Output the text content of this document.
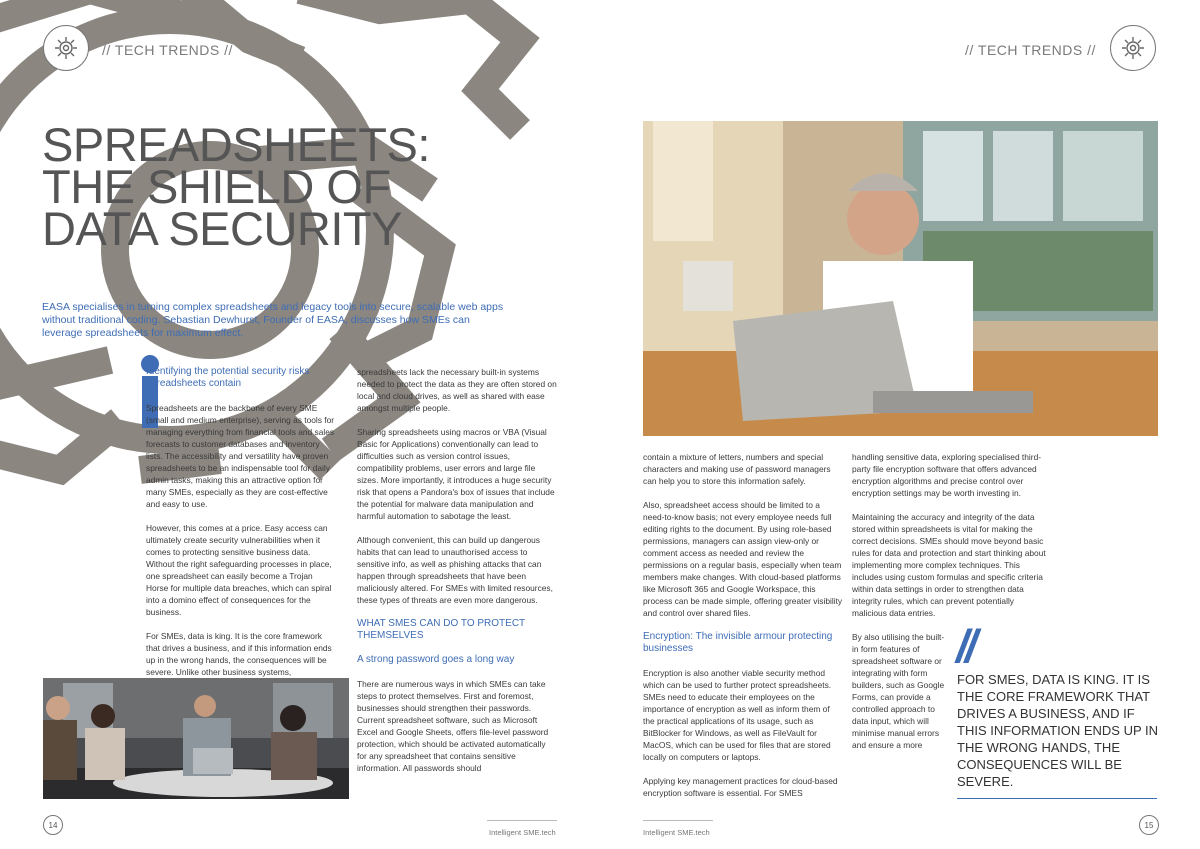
// TECH TRENDS //	// TECH TRENDS //
SPREADSHEETS:
THE SHIELD OF
DATA SECURITY
EASA specialises in turning complex spreadsheets and legacy tools into secure, scalable web apps without traditional coding. Sebastian Dewhurst, Founder of EASA, discusses how SMEs can leverage spreadsheets for maximum effect.
Identifying the potential security risks spreadsheets contain

Spreadsheets are the backbone of every SME (small and medium enterprise), serving as tools for managing everything from financial tools and sales forecasts to customer databases and inventory lists. The accessibility and versatility have proven spreadsheets to be an indispensable tool for daily admin tasks, making this an attractive option for many SMEs, especially as they are cost-effective and easy to use.

However, this comes at a price. Easy access can ultimately create security vulnerabilities when it comes to protecting sensitive business data. Without the right safeguarding processes in place, one spreadsheet can easily become a Trojan Horse for multiple data breaches, which can spiral into a domino effect of consequences for the business.

For SMEs, data is king. It is the core framework that drives a business, and if this information ends up in the wrong hands, the consequences will be severe. Unlike other business systems,

spreadsheets lack the necessary built-in systems needed to protect the data as they are often stored on local and cloud drives, as well as shared with ease amongst multiple people.

Sharing spreadsheets using macros or VBA (Visual Basic for Applications) conventionally can lead to difficulties such as version control issues, compatibility problems, user errors and large file sizes. More importantly, it introduces a huge security risk that opens a Pandora's box of issues that include the potential for malware data manipulation and harmful automation to sabotage the least.

Although convenient, this can build up dangerous habits that can lead to unauthorised access to sensitive info, as well as phishing attacks that can happen through spreadsheets that have been maliciously altered. For SMEs with limited resources, these types of threats are even more dangerous.

WHAT SMES CAN DO TO PROTECT THEMSELVES
A strong password goes a long way

There are numerous ways in which SMEs can take steps to protect themselves. First and foremost, businesses should strengthen their passwords. Current spreadsheet software, such as Microsoft Excel and Google Sheets, offers file-level password protection, which should be activated automatically for any spreadsheet that contains sensitive information. All passwords should

14
Intelligent SME.tech

contain a mixture of letters, numbers and special characters and making use of password managers can help you to store this information safely.

Also, spreadsheet access should be limited to a need-to-know basis; not every employee needs full editing rights to the document. By using role-based permissions, managers can assign view-only or comment access as needed and review the permissions on a regular basis, especially when team members make changes. With cloud-based platforms like Microsoft 365 and Google Workspace, this process can be made simple, offering greater visibility and control over shared files.

Encryption: The invisible armour protecting businesses

Encryption is also another viable security method which can be used to further protect spreadsheets. SMEs need to educate their employees on the importance of encryption as well as inform them of the practical applications of its usage, such as BitBlocker for Windows, as well as FileVault for MacOS, which can be used for files that are stored locally on computers or laptops.

Applying key management practices for cloud-based encryption software is essential. For SMES

handling sensitive data, exploring specialised third-party file encryption software that offers advanced encryption algorithms and precise control over encryption settings may be worth investing in.

Maintaining the accuracy and integrity of the data stored within spreadsheets is vital for making the correct decisions. SMEs should move beyond basic rules for data and protection and start thinking about implementing more complex techniques. This includes using custom formulas and specific criteria within data settings in order to strengthen data integrity rules, which can prevent potentially malicious data entries.

By also utilising the built-in form features of spreadsheet software or integrating with form builders, such as Google Forms, can provide a controlled approach to data input, which will minimise manual errors and ensure a more

//
FOR SMES, DATA IS KING. IT IS THE CORE FRAMEWORK THAT DRIVES A BUSINESS, AND IF THIS INFORMATION ENDS UP IN THE WRONG HANDS, THE CONSEQUENCES WILL BE SEVERE.
Intelligent SME.tech
15
